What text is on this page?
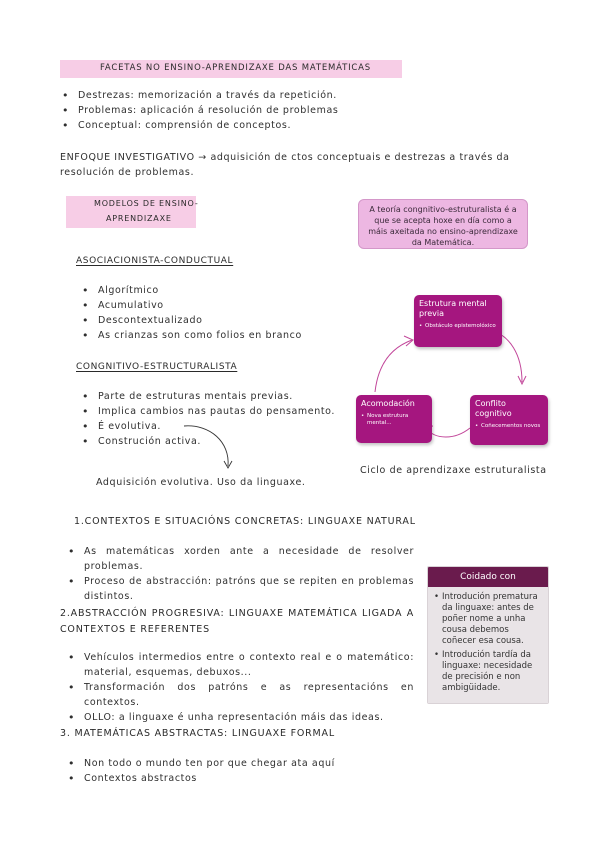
FACETAS NO ENSINO-APRENDIZAXE DAS MATEMÁTICAS
• Destrezas: memorización a través da repetición.
• Problemas: aplicación á resolución de problemas
• Conceptual: comprensión de conceptos.
ENFOQUE INVESTIGATIVO → adquisición de ctos conceptuais e destrezas a través da resolución de problemas.
MODELOS DE ENSINO-
APRENDIZAXE
A teoría congnitivo-estruturalista é a que se acepta hoxe en día como a máis axeitada no ensino-aprendizaxe da Matemática.
ASOCIACIONISTA-CONDUCTUAL
• Algorítmico
• Acumulativo
• Descontextualizado
• As crianzas son como folios en branco
CONGNITIVO-ESTRUCTURALISTA
• Parte de estruturas mentais previas.
• Implica cambios nas pautas do pensamento.
• É evolutiva.
• Construción activa.
Adquisición evolutiva. Uso da linguaxe.
Estrutura mental previa
• Obstáculo epistemolóxico
Conflito cognitivo
• Coñecementos novos
Acomodación
• Nova estrutura mental...
Ciclo de aprendizaxe estruturalista
1.CONTEXTOS E SITUACIÓNS CONCRETAS: LINGUAXE NATURAL
• As matemáticas xorden ante a necesidade de resolver problemas.
• Proceso de abstracción: patróns que se repiten en problemas distintos.
2.ABSTRACCIÓN PROGRESIVA: LINGUAXE MATEMÁTICA LIGADA A CONTEXTOS E REFERENTES
• Vehículos intermedios entre o contexto real e o matemático: material, esquemas, debuxos...
• Transformación dos patróns e as representacións en contextos.
• OLLO: a linguaxe é unha representación máis das ideas.
3. MATEMÁTICAS ABSTRACTAS: LINGUAXE FORMAL
• Non todo o mundo ten por que chegar ata aquí
• Contextos abstractos
Coidado con
• Introdución prematura da linguaxe: antes de poñer nome a unha cousa debemos coñecer esa cousa.
• Introdución tardía da linguaxe: necesidade de precisión e non ambigüidade.
